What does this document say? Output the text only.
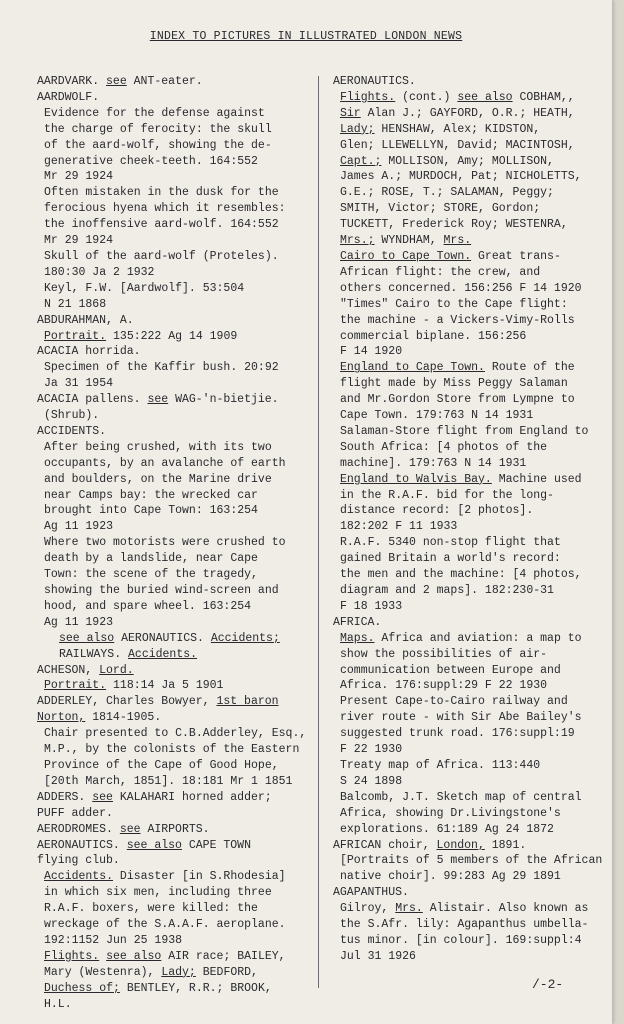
INDEX TO PICTURES IN ILLUSTRATED LONDON NEWS
AARDVARK. see ANT-eater.
AARDWOLF.
Evidence for the defense against
the charge of ferocity: the skull
of the aard-wolf, showing the de-
generative cheek-teeth. 164:552
Mr 29 1924
Often mistaken in the dusk for the
ferocious hyena which it resembles:
the inoffensive aard-wolf. 164:552
Mr 29 1924
Skull of the aard-wolf (Proteles).
180:30 Ja 2 1932
Keyl, F.W. [Aardwolf]. 53:504
N 21 1868
ABDURAHMAN, A.
Portrait. 135:222 Ag 14 1909
ACACIA horrida.
Specimen of the Kaffir bush. 20:92
Ja 31 1954
ACACIA pallens. see WAG-'n-bietjie.
(Shrub).
ACCIDENTS.
After being crushed, with its two
occupants, by an avalanche of earth
and boulders, on the Marine drive
near Camps bay: the wrecked car
brought into Cape Town: 163:254
Ag 11 1923
Where two motorists were crushed to
death by a landslide, near Cape
Town: the scene of the tragedy,
showing the buried wind-screen and
hood, and spare wheel. 163:254
Ag 11 1923
see also AERONAUTICS. Accidents;
RAILWAYS. Accidents.
ACHESON, Lord.
Portrait. 118:14 Ja 5 1901
ADDERLEY, Charles Bowyer, 1st baron
Norton, 1814-1905.
Chair presented to C.B.Adderley, Esq.,
M.P., by the colonists of the Eastern
Province of the Cape of Good Hope,
[20th March, 1851]. 18:181 Mr 1 1851
ADDERS. see KALAHARI horned adder;
PUFF adder.
AERODROMES. see AIRPORTS.
AERONAUTICS. see also CAPE TOWN
flying club.
Accidents. Disaster [in S.Rhodesia]
in which six men, including three
R.A.F. boxers, were killed: the
wreckage of the S.A.A.F. aeroplane.
192:1152 Jun 25 1938
Flights. see also AIR race; BAILEY,
Mary (Westenra), Lady; BEDFORD,
Duchess of; BENTLEY, R.R.; BROOK,
H.L.
AERONAUTICS.
Flights. (cont.) see also COBHAM,,
Sir Alan J.; GAYFORD, O.R.; HEATH,
Lady; HENSHAW, Alex; KIDSTON,
Glen; LLEWELLYN, David; MACINTOSH,
Capt.; MOLLISON, Amy; MOLLISON,
James A.; MURDOCH, Pat; NICHOLETTS,
G.E.; ROSE, T.; SALAMAN, Peggy;
SMITH, Victor; STORE, Gordon;
TUCKETT, Frederick Roy; WESTENRA,
Mrs.; WYNDHAM, Mrs.
Cairo to Cape Town. Great trans-
African flight: the crew, and
others concerned. 156:256 F 14 1920
"Times" Cairo to the Cape flight:
the machine - a Vickers-Vimy-Rolls
commercial biplane. 156:256
F 14 1920
England to Cape Town. Route of the
flight made by Miss Peggy Salaman
and Mr.Gordon Store from Lympne to
Cape Town. 179:763 N 14 1931
Salaman-Store flight from England to
South Africa: [4 photos of the
machine]. 179:763 N 14 1931
England to Walvis Bay. Machine used
in the R.A.F. bid for the long-
distance record: [2 photos].
182:202 F 11 1933
R.A.F. 5340 non-stop flight that
gained Britain a world's record:
the men and the machine: [4 photos,
diagram and 2 maps]. 182:230-31
F 18 1933
AFRICA.
Maps. Africa and aviation: a map to
show the possibilities of air-
communication between Europe and
Africa. 176:suppl:29 F 22 1930
Present Cape-to-Cairo railway and
river route - with Sir Abe Bailey's
suggested trunk road. 176:suppl:19
F 22 1930
Treaty map of Africa. 113:440
S 24 1898
Balcomb, J.T. Sketch map of central
Africa, showing Dr.Livingstone's
explorations. 61:189 Ag 24 1872
AFRICAN choir, London, 1891.
[Portraits of 5 members of the African
native choir]. 99:283 Ag 29 1891
AGAPANTHUS.
Gilroy, Mrs. Alistair. Also known as
the S.Afr. lily: Agapanthus umbella-
tus minor. [in colour]. 169:suppl:4
Jul 31 1926
/-2-
